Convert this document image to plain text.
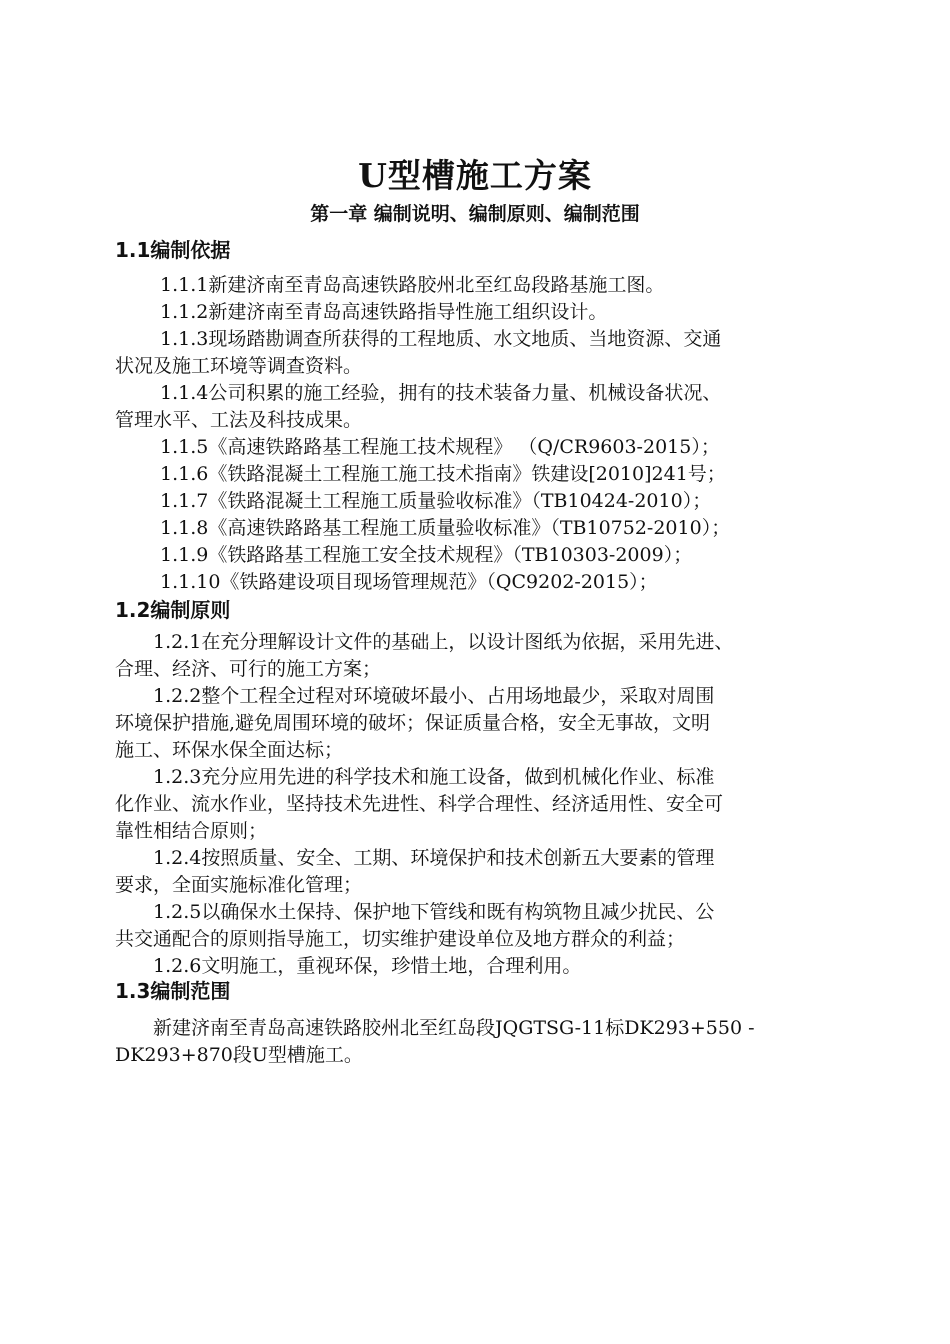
U型槽施工方案
第一章 编制说明、编制原则、编制范围
1.1编制依据

1.1.1新建济南至青岛高速铁路胶州北至红岛段路基施工图。

1.1.2新建济南至青岛高速铁路指导性施工组织设计。

1.1.3现场踏勘调查所获得的工程地质、水文地质、当地资源、交通

状况及施工环境等调查资料。

1.1.4公司积累的施工经验，拥有的技术装备力量、机械设备状况、

管理水平、工法及科技成果。

1.1.5《高速铁路路基工程施工技术规程》 （Q/CR9603-2015）；

1.1.6《铁路混凝土工程施工施工技术指南》铁建设[2010]241号；

1.1.7《铁路混凝土工程施工质量验收标准》（TB10424-2010）；

1.1.8《高速铁路路基工程施工质量验收标准》（TB10752-2010）；

1.1.9《铁路路基工程施工安全技术规程》（TB10303-2009）；

1.1.10《铁路建设项目现场管理规范》（QC9202-2015）；

1.2编制原则

1.2.1在充分理解设计文件的基础上，以设计图纸为依据，采用先进、

合理、经济、可行的施工方案；

1.2.2整个工程全过程对环境破坏最小、占用场地最少，采取对周围

环境保护措施,避免周围环境的破坏；保证质量合格，安全无事故，文明

施工、环保水保全面达标；

1.2.3充分应用先进的科学技术和施工设备，做到机械化作业、标准

化作业、流水作业，坚持技术先进性、科学合理性、经济适用性、安全可

靠性相结合原则；

1.2.4按照质量、安全、工期、环境保护和技术创新五大要素的管理

要求，全面实施标准化管理；

1.2.5以确保水土保持、保护地下管线和既有构筑物且减少扰民、公

共交通配合的原则指导施工，切实维护建设单位及地方群众的利益；

1.2.6文明施工，重视环保，珍惜土地，合理利用。

1.3编制范围

新建济南至青岛高速铁路胶州北至红岛段JQGTSG-11标DK293+550 -

DK293+870段U型槽施工。
